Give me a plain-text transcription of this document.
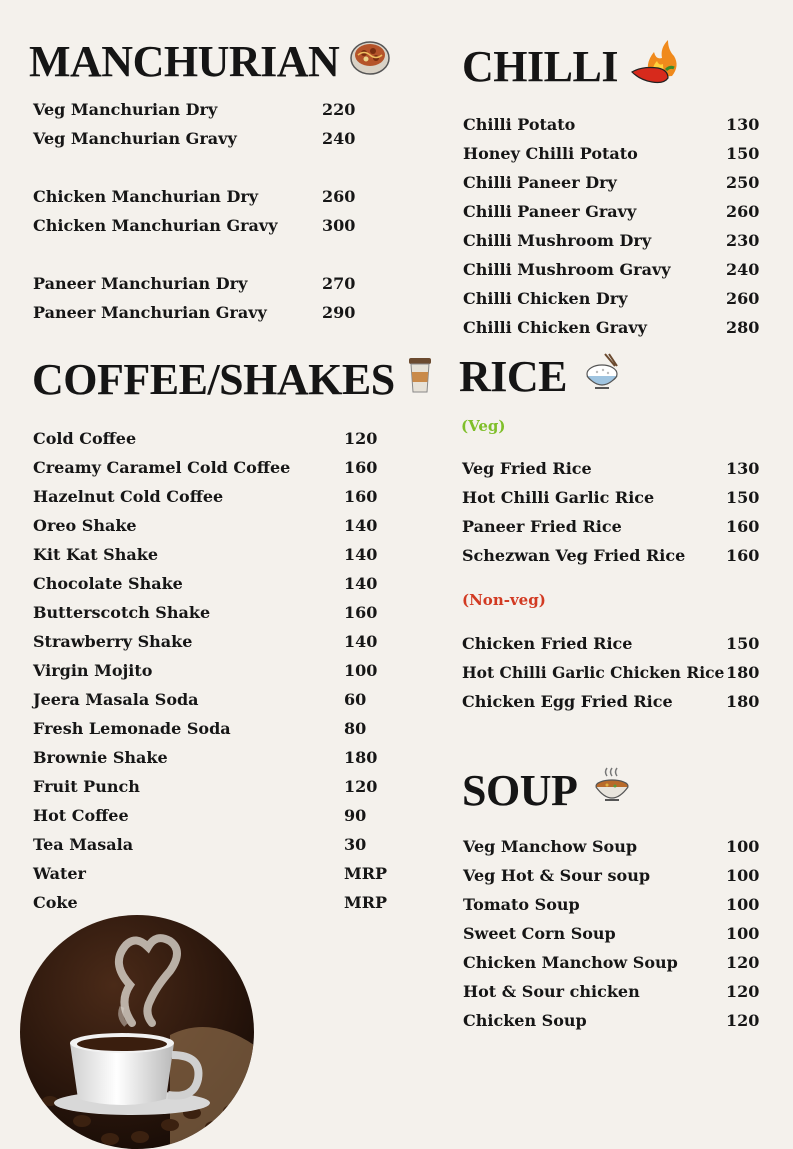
MANCHURIAN
Veg Manchurian Dry	220
Veg Manchurian Gravy	240
Chicken Manchurian Dry	260
Chicken Manchurian Gravy	300
Paneer Manchurian Dry	270
Paneer Manchurian Gravy	290
CHILLI
Chilli Potato	130
Honey Chilli Potato	150
Chilli Paneer Dry	250
Chilli Paneer Gravy	260
Chilli Mushroom Dry	230
Chilli Mushroom Gravy	240
Chilli Chicken Dry	260
Chilli Chicken Gravy	280
COFFEE/SHAKES
Cold Coffee	120
Creamy Caramel Cold Coffee	160
Hazelnut Cold Coffee	160
Oreo Shake	140
Kit Kat Shake	140
Chocolate Shake	140
Butterscotch Shake	160
Strawberry Shake	140
Virgin Mojito	100
Jeera Masala Soda	60
Fresh Lemonade Soda	80
Brownie Shake	180
Fruit Punch	120
Hot Coffee	90
Tea Masala	30
Water	MRP
Coke	MRP
RICE

(Veg)

Veg Fried Rice	130
Hot Chilli Garlic Rice	150
Paneer Fried Rice	160
Schezwan Veg Fried Rice	160

(Non-veg)

Chicken Fried Rice	150
Hot Chilli Garlic Chicken Rice 180
Chicken Egg Fried Rice	180
SOUP
Veg Manchow Soup	100
Veg Hot & Sour soup	100
Tomato Soup	100
Sweet Corn Soup	100
Chicken Manchow Soup	120
Hot & Sour chicken	120
Chicken Soup	120
